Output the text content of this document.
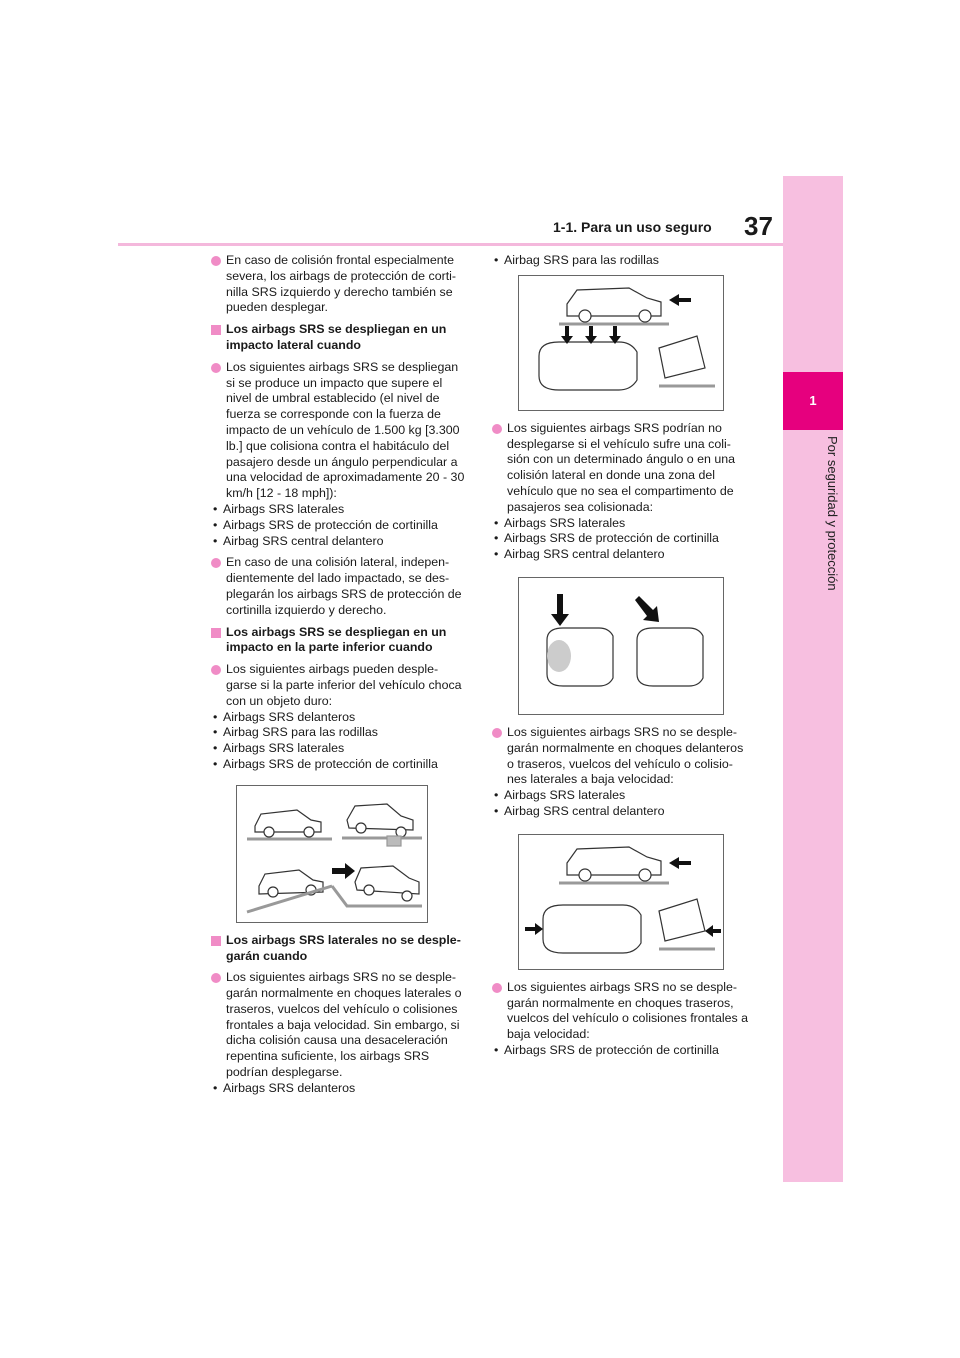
1-1. Para un uso seguro 37
1
Por seguridad y protección

En caso de colisión frontal especialmente severa, los airbags de protección de corti-nilla SRS izquierdo y derecho también se pueden desplegar.

Los airbags SRS se despliegan en un impacto lateral cuando

Los siguientes airbags SRS se despliegan si se produce un impacto que supere el nivel de umbral establecido (el nivel de fuerza se corresponde con la fuerza de impacto de un vehículo de 1.500 kg [3.300 lb.] que colisiona contra el habitáculo del pasajero desde un ángulo perpendicular a una velocidad de aproximadamente 20 - 30 km/h [12 - 18 mph]):

• Airbags SRS laterales

• Airbags SRS de protección de cortinilla

• Airbag SRS central delantero

En caso de una colisión lateral, indepen-dientemente del lado impactado, se des-plegarán los airbags SRS de protección de cortinilla izquierdo y derecho.

Los airbags SRS se despliegan en un impacto en la parte inferior cuando

Los siguientes airbags pueden desple-garse si la parte inferior del vehículo choca con un objeto duro:

• Airbags SRS delanteros

• Airbag SRS para las rodillas

• Airbags SRS laterales

• Airbags SRS de protección de cortinilla

Los airbags SRS laterales no se desple-garán cuando

Los siguientes airbags SRS no se desple-garán normalmente en choques laterales o traseros, vuelcos del vehículo o colisiones frontales a baja velocidad. Sin embargo, si dicha colisión causa una desaceleración repentina suficiente, los airbags SRS podrían desplegarse.

• Airbags SRS delanteros

• Airbag SRS para las rodillas

Los siguientes airbags SRS podrían no desplegarse si el vehículo sufre una coli-sión con un determinado ángulo o en una colisión lateral en donde una zona del vehículo que no sea el compartimento de pasajeros sea colisionada:

• Airbags SRS laterales

• Airbags SRS de protección de cortinilla

• Airbag SRS central delantero

Los siguientes airbags SRS no se desple-garán normalmente en choques delanteros o traseros, vuelcos del vehículo o colisio-nes laterales a baja velocidad:

• Airbags SRS laterales

• Airbag SRS central delantero

Los siguientes airbags SRS no se desple-garán normalmente en choques traseros, vuelcos del vehículo o colisiones frontales a baja velocidad:

• Airbags SRS de protección de cortinilla
